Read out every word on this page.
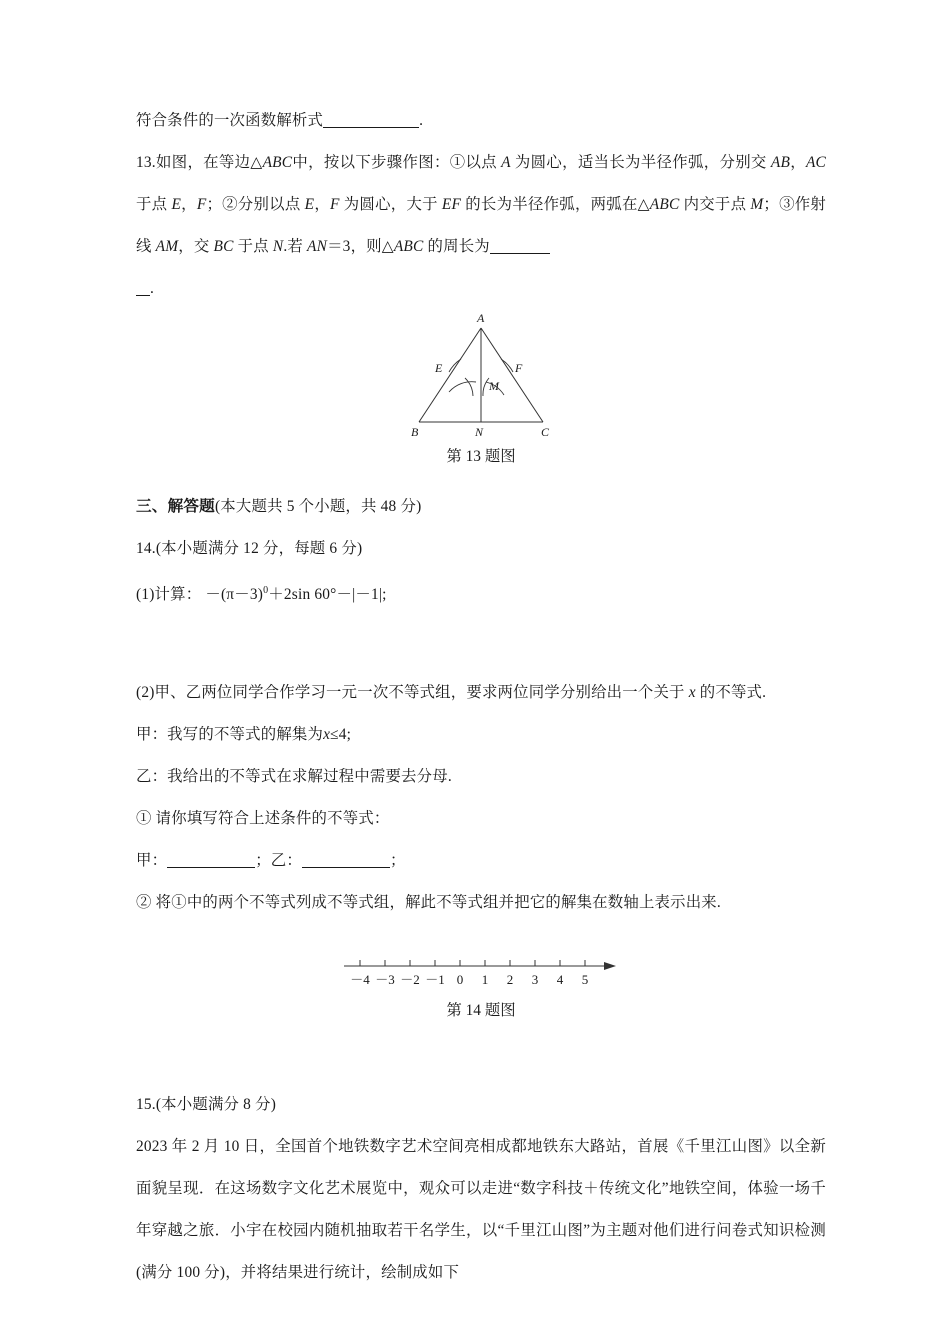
符合条件的一次函数解析式	.

13.如图，在等边△ABC中，按以下步骤作图：①以点 A 为圆心，适当长为半径作弧，分别交 AB，AC 于点 E，F；②分别以点 E，F 为圆心，大于 EF 的长为半径作弧，两弧在△ABC 内交于点 M；③作射线 AM，交 BC 于点 N.若 AN＝3，则△ABC 的周长为

.

A
B	C
E	F
M
N
第 13 题图

三、解答题(本大题共 5 个小题，共 48 分)

14.(本小题满分 12 分，每题 6 分)

(1)计算： $-(\pi-3)^0+2\sin$ 60°－|－1|;

(2)甲、乙两位同学合作学习一元一次不等式组，要求两位同学分别给出一个关于 x 的不等式.

甲：我写的不等式的解集为x≤4;

乙：我给出的不等式在求解过程中需要去分母.

① 请你填写符合上述条件的不等式：

甲：	；乙：	；

② 将①中的两个不等式列成不等式组，解此不等式组并把它的解集在数轴上表示出来.

－4 －3 －2 －1 0 1 2 3 4 5
第 14 题图

15.(本小题满分 8 分)

2023 年 2 月 10 日，全国首个地铁数字艺术空间亮相成都地铁东大路站，首展《千里江山图》以全新面貌呈现．在这场数字文化艺术展览中，观众可以走进“数字科技＋传统文化”地铁空间，体验一场千年穿越之旅．小宇在校园内随机抽取若干名学生，以“千里江山图”为主题对他们进行问卷式知识检测(满分 100 分)，并将结果进行统计，绘制成如下
